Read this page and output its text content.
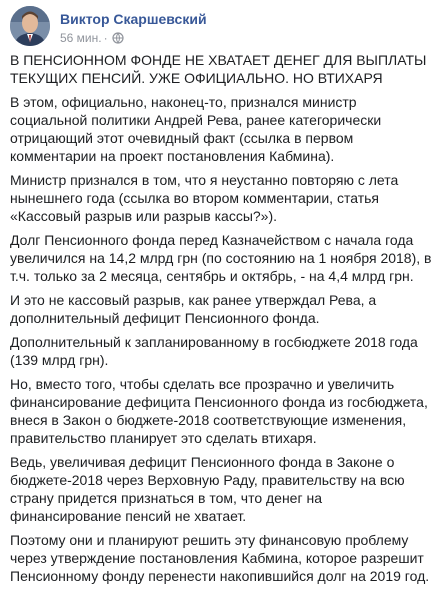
Виктор Скаршевский
56 мин. ·

В ПЕНСИОННОМ ФОНДЕ НЕ ХВАТАЕТ ДЕНЕГ ДЛЯ ВЫПЛАТЫ ТЕКУЩИХ ПЕНСИЙ. УЖЕ ОФИЦИАЛЬНО. НО ВТИХАРЯ

В этом, официально, наконец-то, признался министр социальной политики Андрей Рева, ранее категорически отрицающий этот очевидный факт (ссылка в первом комментарии на проект постановления Кабмина).

Министр признался в том, что я неустанно повторяю с лета нынешнего года (ссылка во втором комментарии, статья «Кассовый разрыв или разрыв кассы?»).

Долг Пенсионного фонда перед Казначейством с начала года увеличился на 14,2 млрд грн (по состоянию на 1 ноября 2018), в т.ч. только за 2 месяца, сентябрь и октябрь, - на 4,4 млрд грн.

И это не кассовый разрыв, как ранее утверждал Рева, а дополнительный дефицит Пенсионного фонда.

Дополнительный к запланированному в госбюджете 2018 года (139 млрд грн).

Но, вместо того, чтобы сделать все прозрачно и увеличить финансирование дефицита Пенсионного фонда из госбюджета, внеся в Закон о бюджете-2018 соответствующие изменения, правительство планирует это сделать втихаря.

Ведь, увеличивая дефицит Пенсионного фонда в Законе о бюджете-2018 через Верховную Раду, правительству на всю страну придется признаться в том, что денег на финансирование пенсий не хватает.

Поэтому они и планируют решить эту финансовую проблему через утверждение постановления Кабмина, которое разрешит Пенсионному фонду перенести накопившийся долг на 2019 год.
